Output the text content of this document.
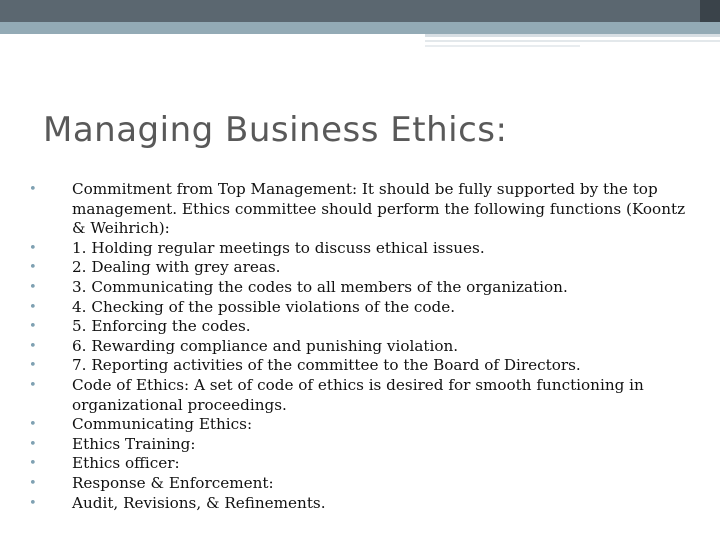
Managing Business Ethics:
• Commitment from Top Management: It should be fully supported by the top management. Ethics committee should perform the following functions (Koontz & Weihrich):
• 1. Holding regular meetings to discuss ethical issues.
• 2. Dealing with grey areas.
• 3. Communicating the codes to all members of the organization.
• 4. Checking of the possible violations of the code.
• 5. Enforcing the codes.
• 6. Rewarding compliance and punishing violation.
• 7. Reporting activities of the committee to the Board of Directors.
• Code of Ethics: A set of code of ethics is desired for smooth functioning in organizational proceedings.
• Communicating Ethics:
• Ethics Training:
• Ethics officer:
• Response & Enforcement:
• Audit, Revisions, & Refinements.
